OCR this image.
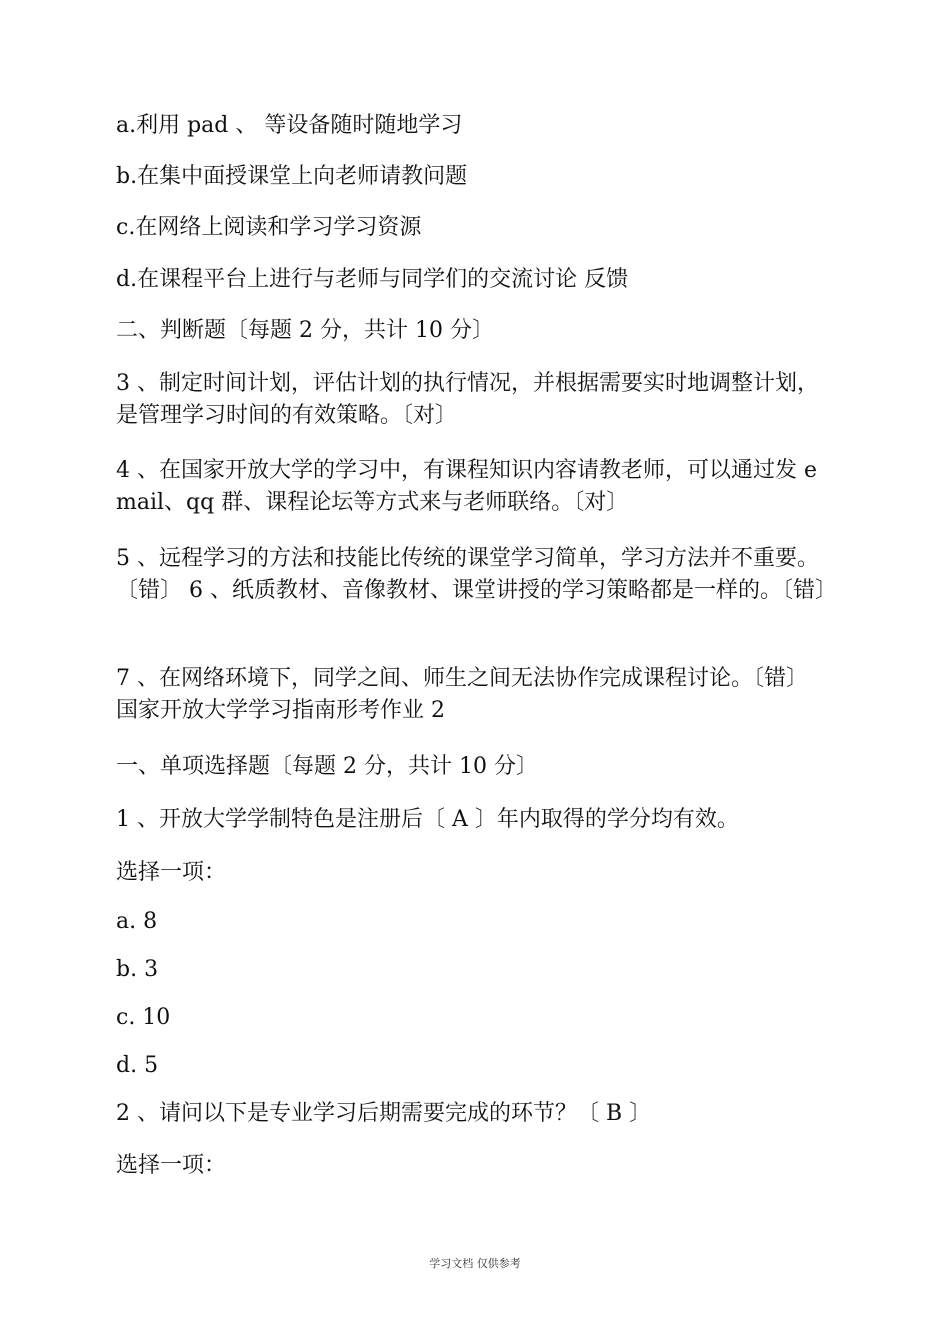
a.利用 pad 、 等设备随时随地学习

b.在集中面授课堂上向老师请教问题

c.在网络上阅读和学习学习资源

d.在课程平台上进行与老师与同学们的交流讨论 反馈

二、判断题〔每题 2 分，共计 10 分〕

3 、制定时间计划，评估计划的执行情况，并根据需要实时地调整计划，是管理学习时间的有效策略。〔对〕

4 、在国家开放大学的学习中，有课程知识内容请教老师，可以通过发 email、qq 群、课程论坛等方式来与老师联络。〔对〕

5 、远程学习的方法和技能比传统的课堂学习简单，学习方法并不重要。〔错〕 6 、纸质教材、音像教材、课堂讲授的学习策略都是一样的。〔错〕

7 、在网络环境下，同学之间、师生之间无法协作完成课程讨论。〔错〕 国家开放大学学习指南形考作业 2

一、单项选择题〔每题 2 分，共计 10 分〕

1 、开放大学学制特色是注册后〔 A 〕年内取得的学分均有效。

选择一项：

a. 8

b. 3

c. 10

d. 5

2 、请问以下是专业学习后期需要完成的环节？〔 B 〕

选择一项：

学习文档 仅供参考
